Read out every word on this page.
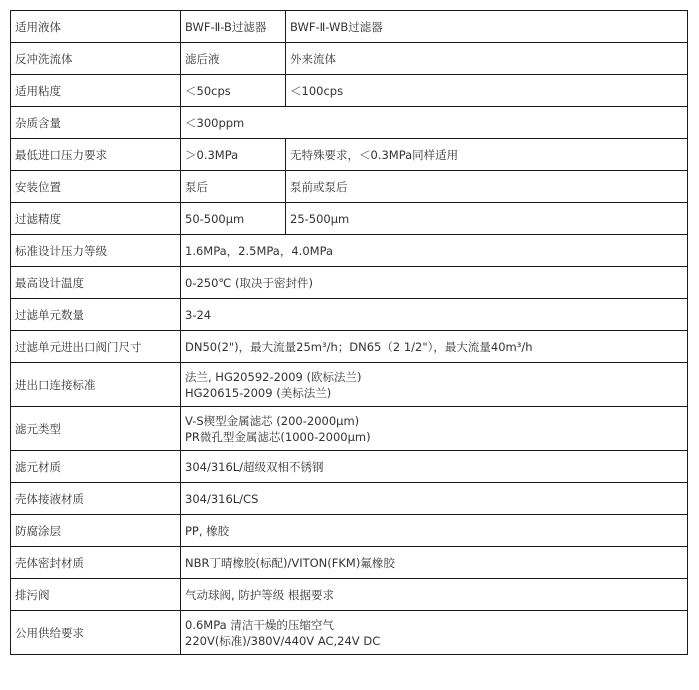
适用液体	BWF-Ⅱ-B过滤器	BWF-Ⅱ-WB过滤器
反冲洗流体	滤后液	外来流体
适用粘度	＜50cps	＜100cps
杂质含量	＜300ppm	
最低进口压力要求	＞0.3MPa	无特殊要求，＜0.3MPa同样适用
安装位置	泵后	泵前或泵后
过滤精度	50-500μm	25-500μm
标准设计压力等级	1.6MPa，2.5MPa，4.0MPa	
最高设计温度	0-250℃ (取决于密封件)	
过滤单元数量	3-24	
过滤单元进出口阀门尺寸	DN50(2")，最大流量25m³/h；DN65（2 1/2"），最大流量40m³/h	
进出口连接标准	法兰, HG20592-2009 (欧标法兰)
HG20615-2009 (美标法兰)	

滤元类型	V-S楔型金属滤芯 (200-2000μm)
PR微孔型金属滤芯(1000-2000μm)	

滤元材质	304/316L/超级双相不锈钢	
壳体接液材质	304/316L/CS	
防腐涂层	PP, 橡胶	
壳体密封材质	NBR丁晴橡胶(标配)/VITON(FKM)氟橡胶	
排污阀	气动球阀, 防护等级 根据要求	
公用供给要求	0.6MPa 清洁干燥的压缩空气
220V(标准)/380V/440V AC,24V DC	
